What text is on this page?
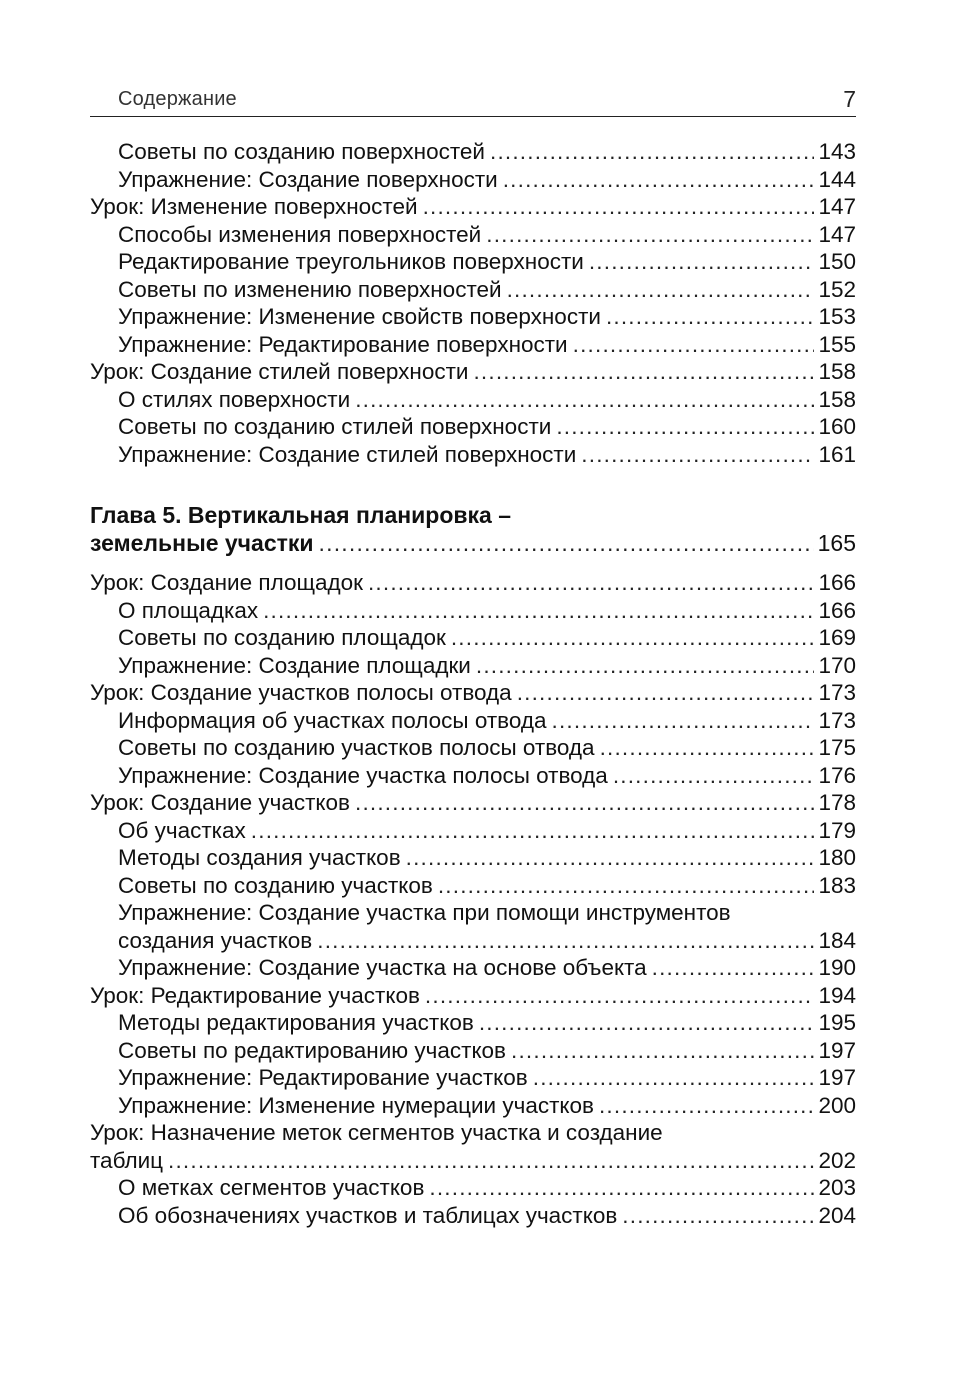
Содержание	7
Советы по созданию поверхностей .....	143
Упражнение: Создание поверхности .....	144
Урок: Изменение поверхностей .....	147
Способы изменения поверхностей .....	147
Редактирование треугольников поверхности .....	150
Советы по изменению поверхностей .....	152
Упражнение: Изменение свойств поверхности .....	153
Упражнение: Редактирование поверхности .....	155
Урок: Создание стилей поверхности .....	158
О стилях поверхности .....	158
Советы по созданию стилей поверхности .....	160
Упражнение: Создание стилей поверхности .....	161
Глава 5. Вертикальная планировка –
земельные участки .....	165
Урок: Создание площадок .....	166
О площадках .....	166
Советы по созданию площадок .....	169
Упражнение: Создание площадки .....	170
Урок: Создание участков полосы отвода .....	173
Информация об участках полосы отвода .....	173
Советы по созданию участков полосы отвода .....	175
Упражнение: Создание участка полосы отвода .....	176
Урок: Создание участков .....	178
Об участках .....	179
Методы создания участков .....	180
Советы по созданию участков .....	183
Упражнение: Создание участка при помощи инструментов
создания участков .....	184
Упражнение: Создание участка на основе объекта .....	190
Урок: Редактирование участков .....	194
Методы редактирования участков .....	195
Советы по редактированию участков .....	197
Упражнение: Редактирование участков .....	197
Упражнение: Изменение нумерации участков .....	200
Урок: Назначение меток сегментов участка и создание
таблиц .....	202
О метках сегментов участков .....	203
Об обозначениях участков и таблицах участков .....	204
